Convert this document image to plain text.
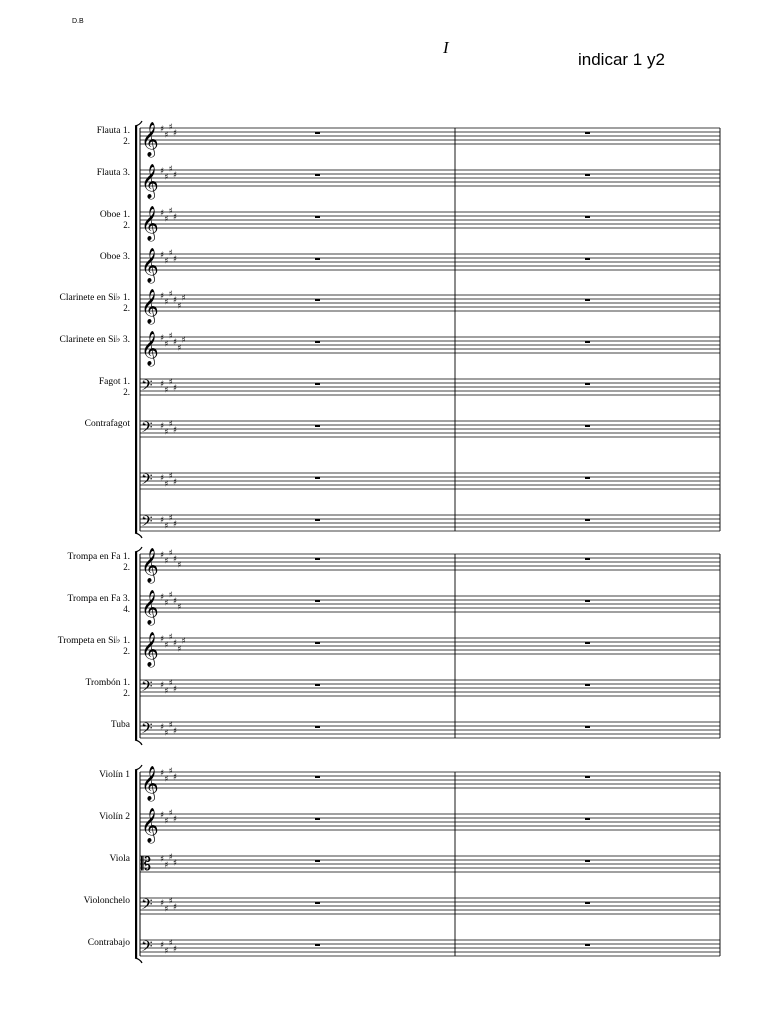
D.B
I
indicar 1 y2
Flauta 1.
2.
Flauta 3.
Oboe 1.
2.
Oboe 3.
Clarinete en Si♭ 1.
2.
Clarinete en Si♭ 3.
Fagot 1.
2.
Contrafagot
Trompa en Fa 1.
2.
Trompa en Fa 3.
4.
Trompeta en Si♭ 1.
2.
Trombón 1.
2.
Tuba
Violín 1
Violín 2
Viola
Violonchelo
Contrabajo
𝄞 ♯
♯
♯
♯
𝄞 ♯
♯
♯
♯
𝄞 ♯
♯
♯
♯
𝄞 ♯
♯
♯
♯
𝄞 ♯
♯
♯
♯
♯
♯
𝄞 ♯
♯
♯
♯
♯
♯
𝄢 ♯
♯
♯
♯
𝄢 ♯
♯
♯
♯
𝄢 ♯
♯
♯
♯
𝄢 ♯
♯
♯
♯
𝄞 ♯
♯
♯
♯
♯
𝄞 ♯
♯
♯
♯
♯
𝄞 ♯
♯
♯
♯
♯
♯
𝄢 ♯
♯
♯
♯
𝄢 ♯
♯
♯
♯
𝄞 ♯
♯
♯
♯
𝄞 ♯
♯
♯
♯
𝄡 ♯
♯
♯
♯
𝄢 ♯
♯
♯
♯
𝄢 ♯
♯
♯
♯
